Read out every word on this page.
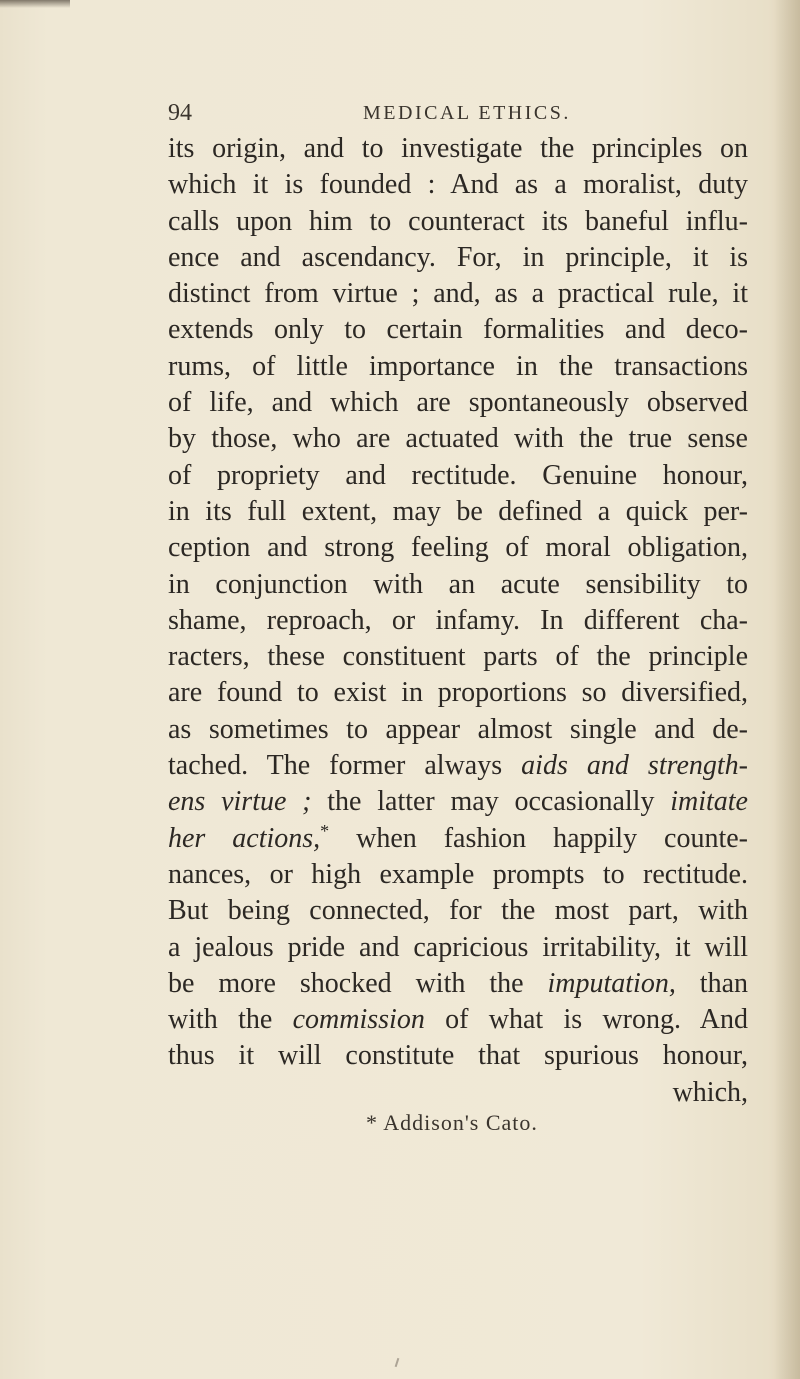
94	MEDICAL ETHICS.
its origin, and to investigate the principles on
which it is founded : And as a moralist, duty
calls upon him to counteract its baneful influ-
ence and ascendancy. For, in principle, it is
distinct from virtue ; and, as a practical rule, it
extends only to certain formalities and deco-
rums, of little importance in the transactions
of life, and which are spontaneously observed
by those, who are actuated with the true sense
of propriety and rectitude. Genuine honour,
in its full extent, may be defined a quick per-
ception and strong feeling of moral obligation,
in conjunction with an acute sensibility to
shame, reproach, or infamy. In different cha-
racters, these constituent parts of the principle
are found to exist in proportions so diversified,
as sometimes to appear almost single and de-
tached. The former always aids and strength-
ens virtue ; the latter may occasionally imitate
her actions,* when fashion happily counte-
nances, or high example prompts to rectitude.
But being connected, for the most part, with
a jealous pride and capricious irritability, it will
be more shocked with the imputation, than
with the commission of what is wrong. And
thus it will constitute that spurious honour,
which,
* Addison's Cato.
